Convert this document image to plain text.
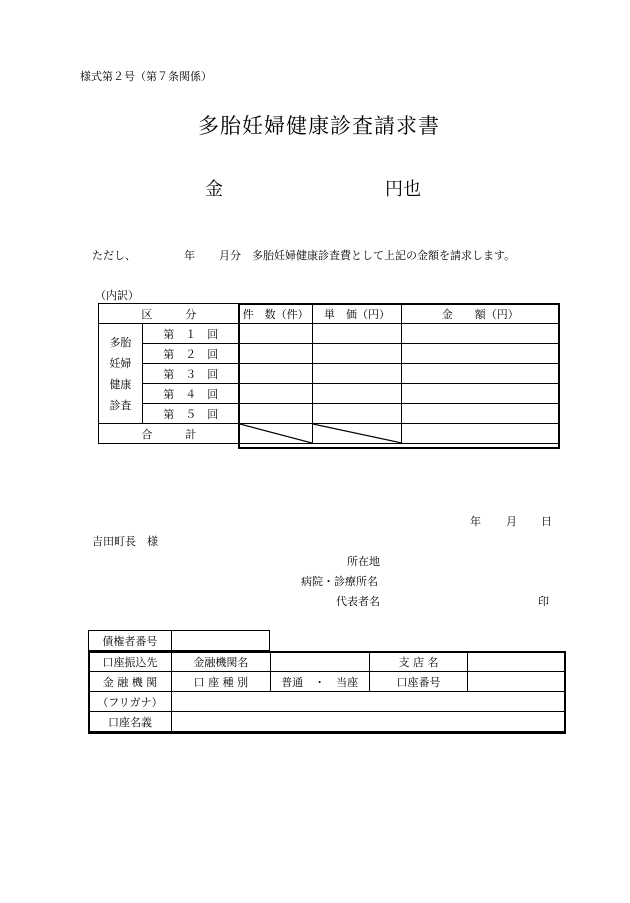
様式第２号（第７条関係）
多胎妊婦健康診査請求書
金	円也
ただし、	年 月分　多胎妊婦健康診査費として上記の金額を請求します。
（内訳）
区　　　分		件　数（件）	単　価（円）	金　　額（円）
多胎
妊婦
健康
診査	第　１　回			
	第　２　回			
	第　３　回			
	第　４　回			
	第　５　回			
合　　　計	

年 月 日
吉田町長　様
所在地
病院・診療所名
代表者名	印
債権者番号	
口座振込先	金融機関名		支 店 名	
金 融 機 関	口 座 種 別	普通　・　当座	口座番号	
（フリガナ）				
口座名義				
